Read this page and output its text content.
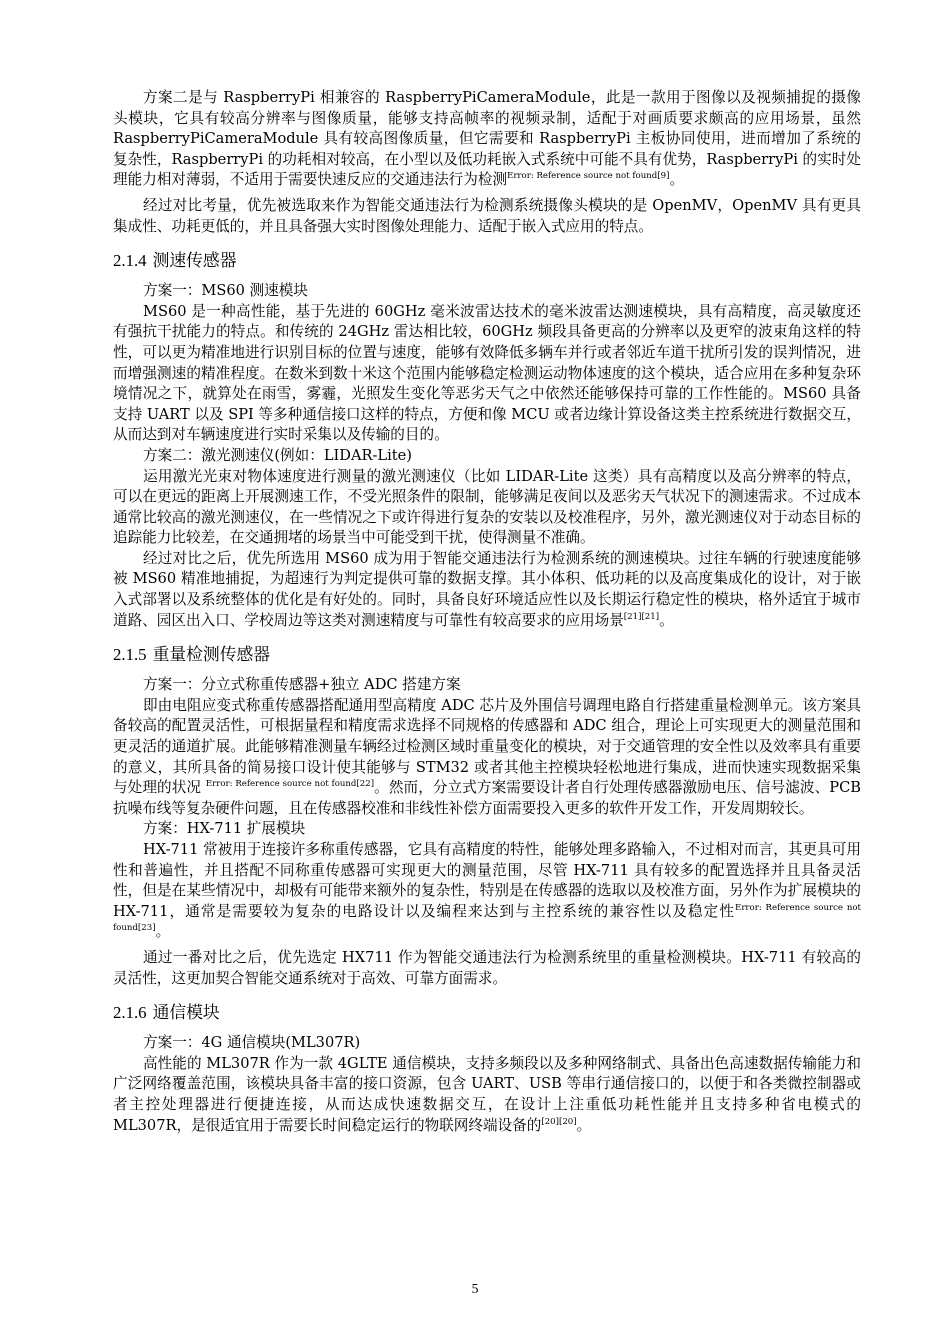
方案二是与 RaspberryPi 相兼容的 RaspberryPiCameraModule，此是一款用于图像以及视频捕捉的摄像头模块，它具有较高分辨率与图像质量，能够支持高帧率的视频录制，适配于对画质要求颇高的应用场景，虽然 RaspberryPiCameraModule 具有较高图像质量，但它需要和 RaspberryPi 主板协同使用，进而增加了系统的复杂性，RaspberryPi 的功耗相对较高，在小型以及低功耗嵌入式系统中可能不具有优势，RaspberryPi 的实时处理能力相对薄弱，不适用于需要快速反应的交通违法行为检测$^{Error: Reference source not found[9]}$。

经过对比考量，优先被选取来作为智能交通违法行为检测系统摄像头模块的是 OpenMV，OpenMV 具有更具集成性、功耗更低的，并且具备强大实时图像处理能力、适配于嵌入式应用的特点。

2.1.4 测速传感器

方案一：MS60 测速模块

MS60 是一种高性能，基于先进的 60GHz 毫米波雷达技术的毫米波雷达测速模块，具有高精度，高灵敏度还有强抗干扰能力的特点。和传统的 24GHz 雷达相比较，60GHz 频段具备更高的分辨率以及更窄的波束角这样的特性，可以更为精准地进行识别目标的位置与速度，能够有效降低多辆车并行或者邻近车道干扰所引发的误判情况，进而增强测速的精准程度。在数米到数十米这个范围内能够稳定检测运动物体速度的这个模块，适合应用在多种复杂环境情况之下，就算处在雨雪，雾霾，光照发生变化等恶劣天气之中依然还能够保持可靠的工作性能的。MS60 具备支持 UART 以及 SPI 等多种通信接口这样的特点，方便和像 MCU 或者边缘计算设备这类主控系统进行数据交互，从而达到对车辆速度进行实时采集以及传输的目的。

方案二：激光测速仪(例如：LIDAR-Lite)

运用激光光束对物体速度进行测量的激光测速仪（比如 LIDAR-Lite 这类）具有高精度以及高分辨率的特点，可以在更远的距离上开展测速工作，不受光照条件的限制，能够满足夜间以及恶劣天气状况下的测速需求。不过成本通常比较高的激光测速仪，在一些情况之下或许得进行复杂的安装以及校准程序，另外，激光测速仪对于动态目标的追踪能力比较差，在交通拥堵的场景当中可能受到干扰，使得测量不准确。

经过对比之后，优先所选用 MS60 成为用于智能交通违法行为检测系统的测速模块。过往车辆的行驶速度能够被 MS60 精准地捕捉，为超速行为判定提供可靠的数据支撑。其小体积、低功耗的以及高度集成化的设计，对于嵌入式部署以及系统整体的优化是有好处的。同时，具备良好环境适应性以及长期运行稳定性的模块，格外适宜于城市道路、园区出入口、学校周边等这类对测速精度与可靠性有较高要求的应用场景[21][21]。

2.1.5 重量检测传感器

方案一：分立式称重传感器+独立 ADC 搭建方案

即由电阻应变式称重传感器搭配通用型高精度 ADC 芯片及外围信号调理电路自行搭建重量检测单元。该方案具备较高的配置灵活性，可根据量程和精度需求选择不同规格的传感器和 ADC 组合，理论上可实现更大的测量范围和更灵活的通道扩展。此能够精准测量车辆经过检测区域时重量变化的模块，对于交通管理的安全性以及效率具有重要的意义，其所具备的简易接口设计使其能够与 STM32 或者其他主控模块轻松地进行集成，进而快速实现数据采集与处理的状况 $^{Error: Reference source not found[22]}$。然而，分立式方案需要设计者自行处理传感器激励电压、信号滤波、PCB 抗噪布线等复杂硬件问题，且在传感器校准和非线性补偿方面需要投入更多的软件开发工作，开发周期较长。

方案：HX-711 扩展模块

HX-711 常被用于连接许多称重传感器，它具有高精度的特性，能够处理多路输入，不过相对而言，其更具可用性和普遍性，并且搭配不同称重传感器可实现更大的测量范围，尽管 HX-711 具有较多的配置选择并且具备灵活性，但是在某些情况中，却极有可能带来额外的复杂性，特别是在传感器的选取以及校准方面，另外作为扩展模块的 HX-711，通常是需要较为复杂的电路设计以及编程来达到与主控系统的兼容性以及稳定性$^{Error: Reference source not found[23]}$。

通过一番对比之后，优先选定 HX711 作为智能交通违法行为检测系统里的重量检测模块。HX-711 有较高的灵活性，这更加契合智能交通系统对于高效、可靠方面需求。

2.1.6 通信模块

方案一：4G 通信模块(ML307R)

高性能的 ML307R 作为一款 4GLTE 通信模块，支持多频段以及多种网络制式、具备出色高速数据传输能力和广泛网络覆盖范围，该模块具备丰富的接口资源，包含 UART、USB 等串行通信接口的，以便于和各类微控制器或者主控处理器进行便捷连接，从而达成快速数据交互，在设计上注重低功耗性能并且支持多种省电模式的 ML307R，是很适宜用于需要长时间稳定运行的物联网终端设备的[20][20]。

5
